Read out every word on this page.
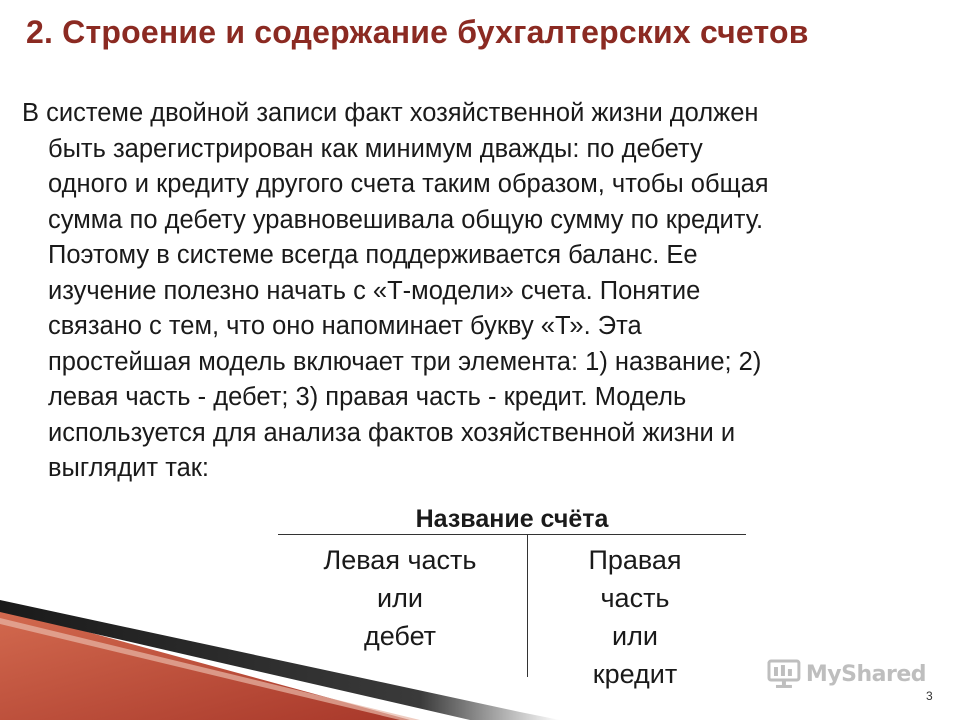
2. Строение и содержание бухгалтерских счетов
В системе двойной записи факт хозяйственной жизни должен
быть зарегистрирован как минимум дважды: по дебету
одного и кредиту другого счета таким образом, чтобы общая
сумма по дебету уравновешивала общую сумму по кредиту.
Поэтому в системе всегда поддерживается баланс. Ее
изучение полезно начать с «Т-модели» счета. Понятие
связано с тем, что оно напоминает букву «Т». Эта
простейшая модель включает три элемента: 1) название; 2)
левая часть - дебет; 3) правая часть - кредит. Модель
используется для анализа фактов хозяйственной жизни и
выглядит так:
Название счёта
Левая часть
или
дебет
Правая
часть
или
кредит	MyShared
3
